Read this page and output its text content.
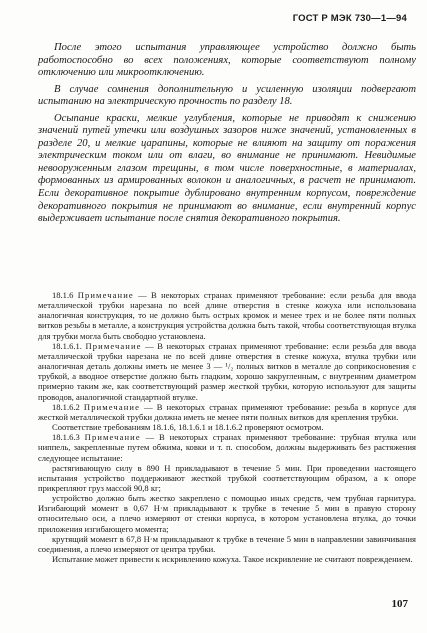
ГОСТ Р МЭК 730—1—94

После этого испытания управляющее устройство должно быть работоспособно во всех положениях, которые соответствуют полному отключению или микроотключению.

В случае сомнения дополнительную и усиленную изоляции подвергают испытанию на электрическую прочность по разделу 18.

Осыпание краски, мелкие углубления, которые не приводят к снижению значений путей утечки или воздушных зазоров ниже значений, установленных в разделе 20, и мелкие царапины, которые не влияют на защиту от поражения электрическим током или от влаги, во внимание не принимают. Невидимые невооруженным глазом трещины, в том числе поверхностные, в материалах, формованных из армированных волокон и аналогичных, в расчет не принимают. Если декоративное покрытие дублировано внутренним корпусом, повреждение декоративного покрытия не принимают во внимание, если внутренний корпус выдерживает испытание после снятия декоративного покрытия.

18.1.6 Примечание — В некоторых странах применяют требование: если резьба для ввода металлической трубки нарезана по всей длине отверстия в стенке кожуха или использована аналогичная конструкция, то не должно быть острых кромок и менее трех и не более пяти полных витков резьбы в металле, а конструкция устройства должна быть такой, чтобы соответствующая втулка для трубки могла быть свободно установлена.

18.1.6.1. Примечание — В некоторых странах применяют требование: если резьба для ввода металлической трубки нарезана не по всей длине отверстия в стенке кожуха, втулка трубки или аналогичная деталь должны иметь не менее 3 — ¹/₂ полных витков в металле до соприкосновения с трубкой, а вводное отверстие должно быть гладким, хорошо закругленным, с внутренним диаметром примерно таким же, как соответствующий размер жесткой трубки, которую используют для защиты проводов, аналогичной стандартной втулке.

18.1.6.2 Примечание — В некоторых странах применяют требование: резьба в корпусе для жесткой металлической трубки должна иметь не менее пяти полных витков для крепления трубки.

Соответствие требованиям 18.1.6, 18.1.6.1 и 18.1.6.2 проверяют осмотром.

18.1.6.3 Примечание — В некоторых странах применяют требование: трубная втулка или ниппель, закрепленные путем обжима, ковки и т. п. способом, должны выдерживать без растяжения следующее испытание:

растягивающую силу в 890 Н прикладывают в течение 5 мин. При проведении настоящего испытания устройство поддерживают жесткой трубкой соответствующим образом, а к опоре прикрепляют груз массой 90,8 кг;

устройство должно быть жестко закреплено с помощью иных средств, чем трубная гарнитура. Изгибающий момент в 0,67 Н·м прикладывают к трубке в течение 5 мин в правую сторону относительно оси, а плечо измеряют от стенки корпуса, в котором установлена втулка, до точки приложения изгибающего момента;

крутящий момент в 67,8 Н·м прикладывают к трубке в течение 5 мин в направлении завинчивания соединения, а плечо измеряют от центра трубки.

Испытание может привести к искривлению кожуха. Такое искривление не считают повреждением.

107
